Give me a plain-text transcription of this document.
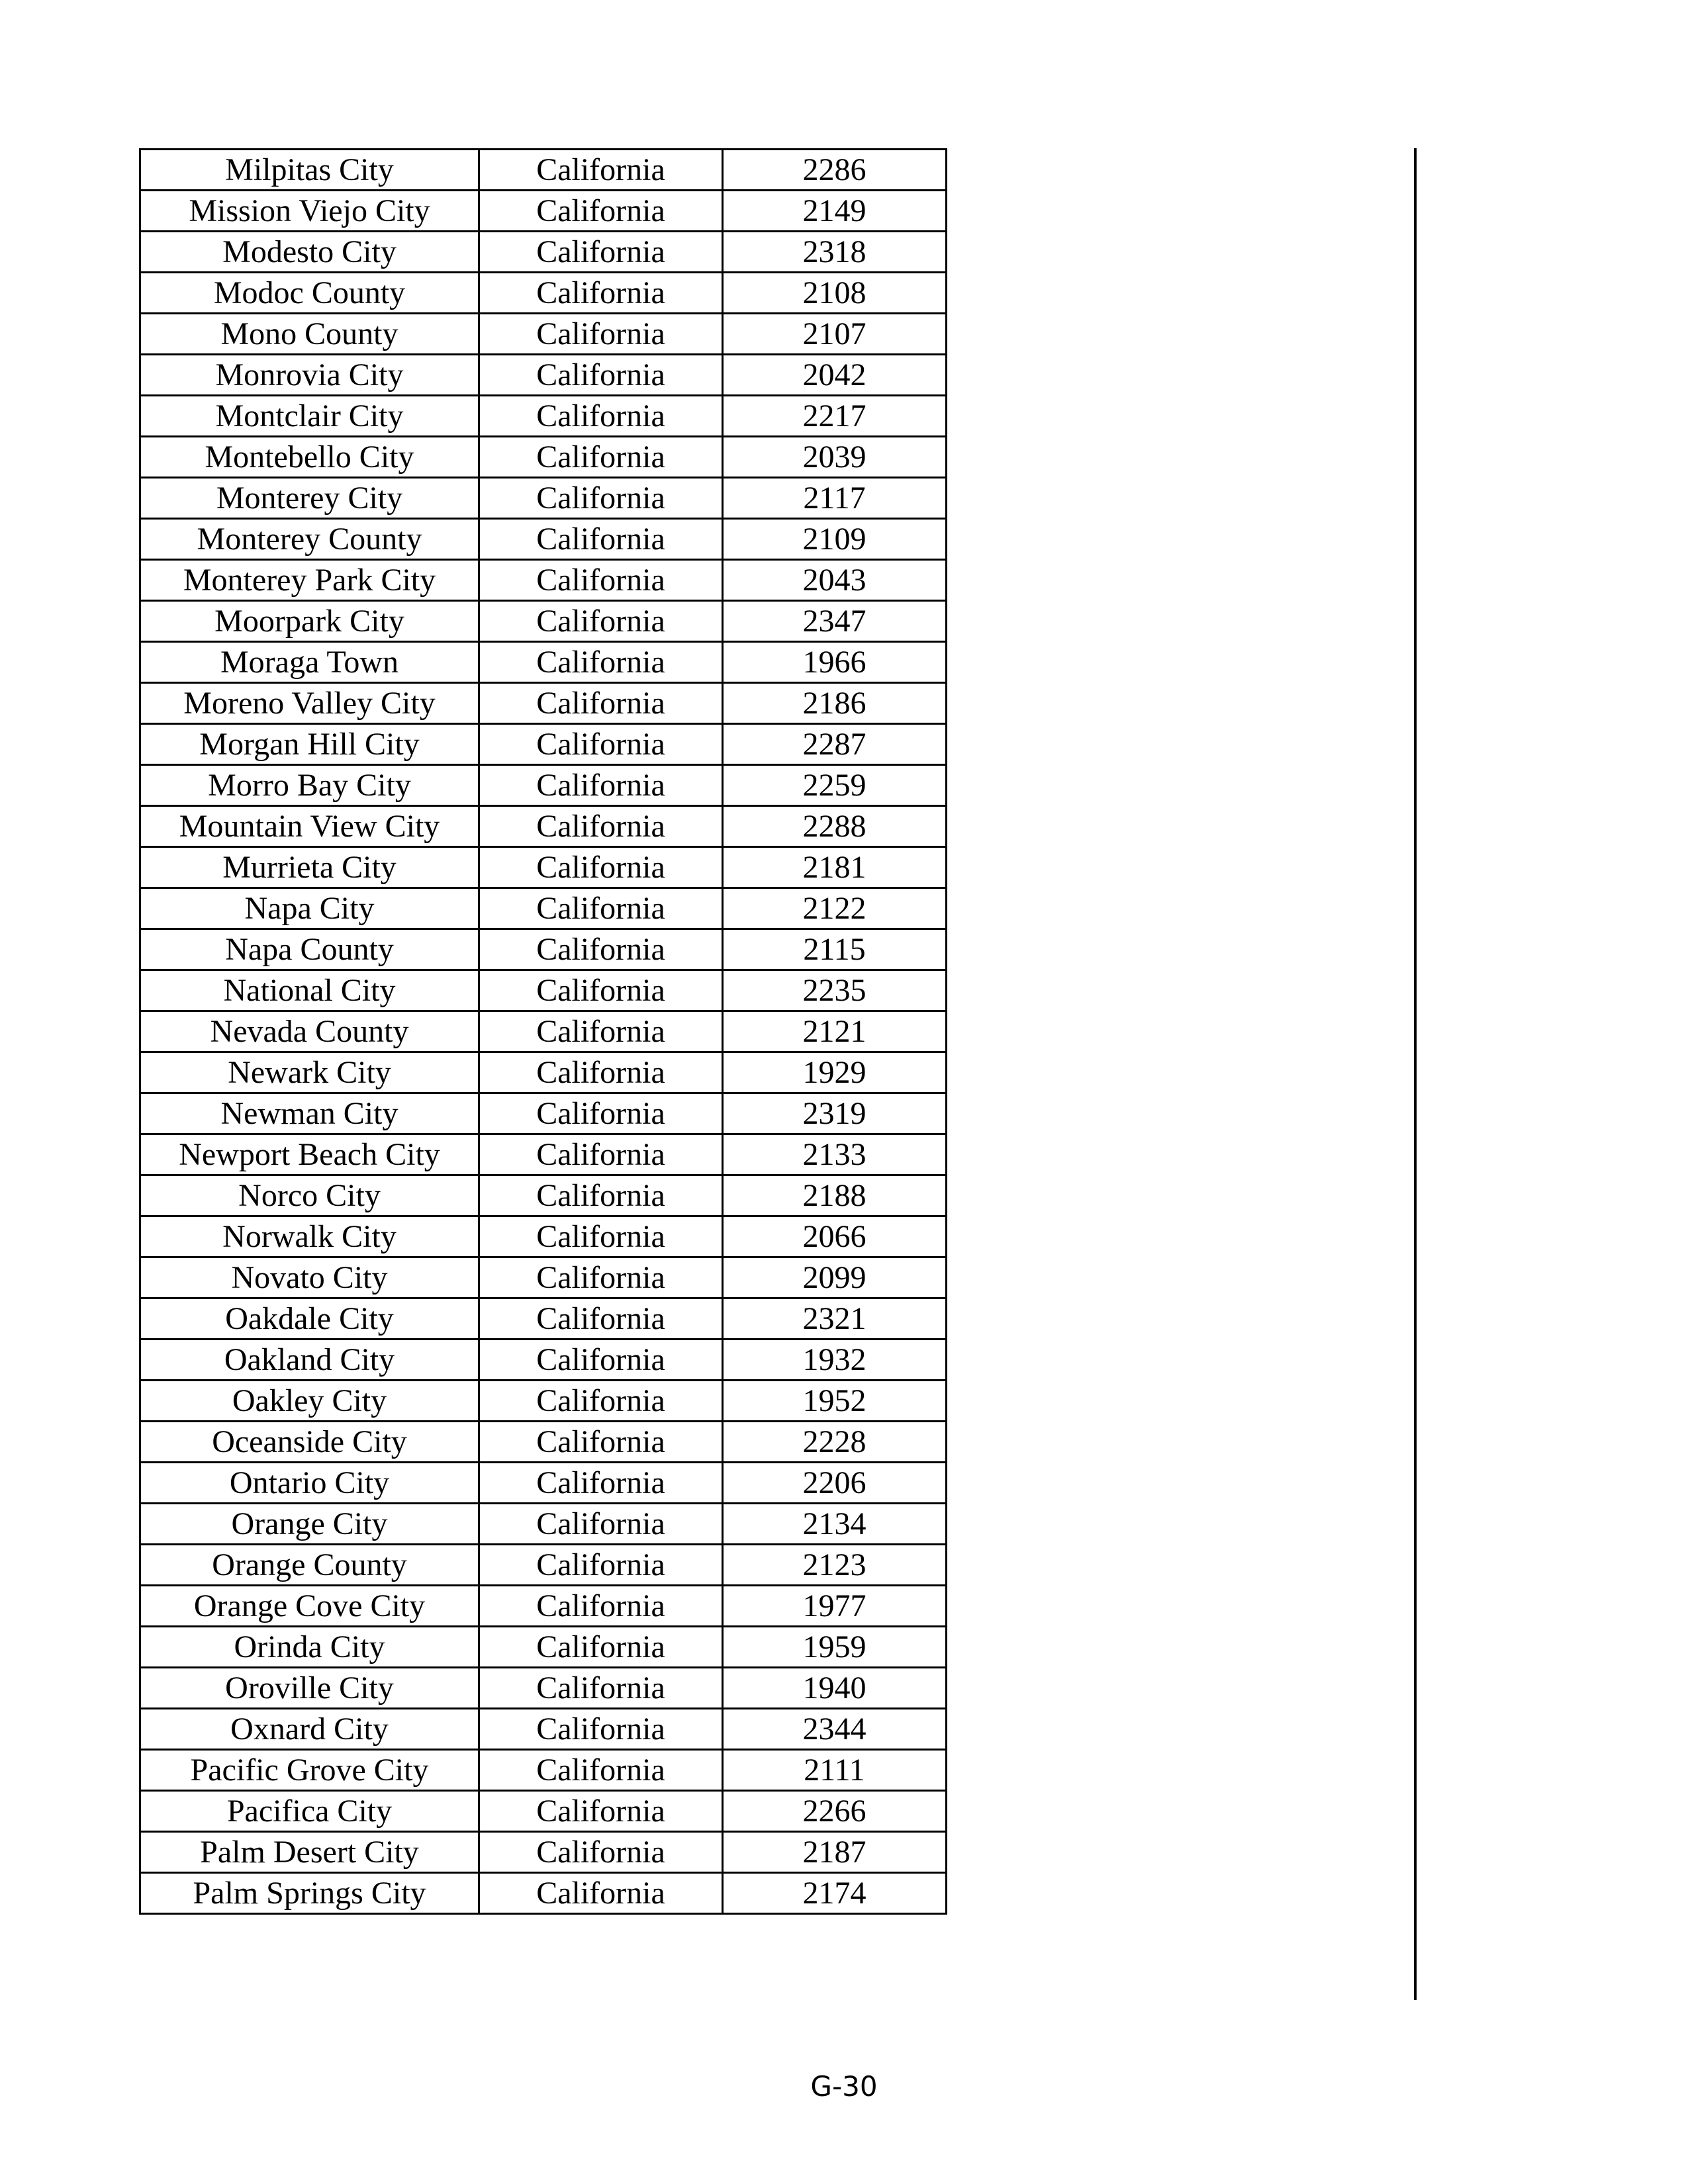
Milpitas City	California	2286
Mission Viejo City	California	2149
Modesto City	California	2318
Modoc County	California	2108
Mono County	California	2107
Monrovia City	California	2042
Montclair City	California	2217
Montebello City	California	2039
Monterey City	California	2117
Monterey County	California	2109
Monterey Park City	California	2043
Moorpark City	California	2347
Moraga Town	California	1966
Moreno Valley City	California	2186
Morgan Hill City	California	2287
Morro Bay City	California	2259
Mountain View City	California	2288
Murrieta City	California	2181
Napa City	California	2122
Napa County	California	2115
National City	California	2235
Nevada County	California	2121
Newark City	California	1929
Newman City	California	2319
Newport Beach City	California	2133
Norco City	California	2188
Norwalk City	California	2066
Novato City	California	2099
Oakdale City	California	2321
Oakland City	California	1932
Oakley City	California	1952
Oceanside City	California	2228
Ontario City	California	2206
Orange City	California	2134
Orange County	California	2123
Orange Cove City	California	1977
Orinda City	California	1959
Oroville City	California	1940
Oxnard City	California	2344
Pacific Grove City	California	2111
Pacifica City	California	2266
Palm Desert City	California	2187
Palm Springs City	California	2174
G-30
